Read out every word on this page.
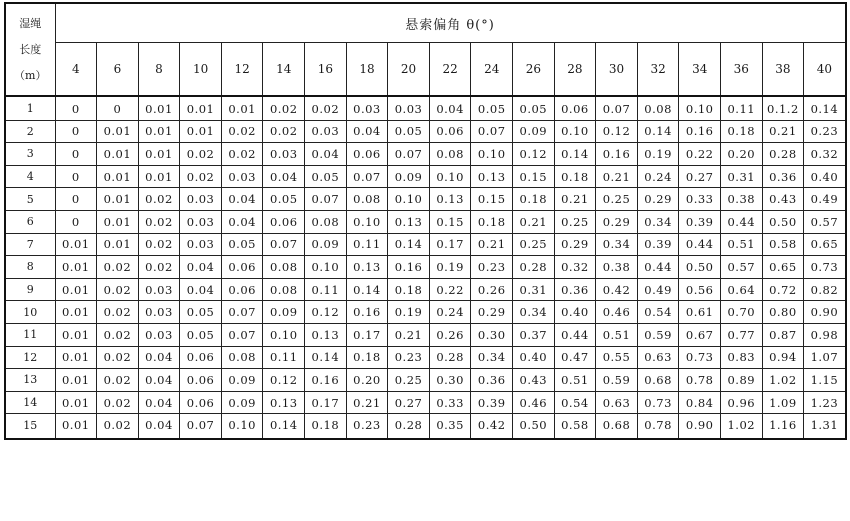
湿绳
长度
（m）	悬索偏角 θ(°)																		
	4	6	8	10	12	14	16	18	20	22	24	26	28	30	32	34	36	38	40
1	0	0	0.01	0.01	0.01	0.02	0.02	0.03	0.03	0.04	0.05	0.05	0.06	0.07	0.08	0.10	0.11	0.1.2	0.14
2	0	0.01	0.01	0.01	0.02	0.02	0.03	0.04	0.05	0.06	0.07	0.09	0.10	0.12	0.14	0.16	0.18	0.21	0.23
3	0	0.01	0.01	0.02	0.02	0.03	0.04	0.06	0.07	0.08	0.10	0.12	0.14	0.16	0.19	0.22	0.20	0.28	0.32
4	0	0.01	0.01	0.02	0.03	0.04	0.05	0.07	0.09	0.10	0.13	0.15	0.18	0.21	0.24	0.27	0.31	0.36	0.40
5	0	0.01	0.02	0.03	0.04	0.05	0.07	0.08	0.10	0.13	0.15	0.18	0.21	0.25	0.29	0.33	0.38	0.43	0.49
6	0	0.01	0.02	0.03	0.04	0.06	0.08	0.10	0.13	0.15	0.18	0.21	0.25	0.29	0.34	0.39	0.44	0.50	0.57
7	0.01	0.01	0.02	0.03	0.05	0.07	0.09	0.11	0.14	0.17	0.21	0.25	0.29	0.34	0.39	0.44	0.51	0.58	0.65
8	0.01	0.02	0.02	0.04	0.06	0.08	0.10	0.13	0.16	0.19	0.23	0.28	0.32	0.38	0.44	0.50	0.57	0.65	0.73
9	0.01	0.02	0.03	0.04	0.06	0.08	0.11	0.14	0.18	0.22	0.26	0.31	0.36	0.42	0.49	0.56	0.64	0.72	0.82
10	0.01	0.02	0.03	0.05	0.07	0.09	0.12	0.16	0.19	0.24	0.29	0.34	0.40	0.46	0.54	0.61	0.70	0.80	0.90
11	0.01	0.02	0.03	0.05	0.07	0.10	0.13	0.17	0.21	0.26	0.30	0.37	0.44	0.51	0.59	0.67	0.77	0.87	0.98
12	0.01	0.02	0.04	0.06	0.08	0.11	0.14	0.18	0.23	0.28	0.34	0.40	0.47	0.55	0.63	0.73	0.83	0.94	1.07
13	0.01	0.02	0.04	0.06	0.09	0.12	0.16	0.20	0.25	0.30	0.36	0.43	0.51	0.59	0.68	0.78	0.89	1.02	1.15
14	0.01	0.02	0.04	0.06	0.09	0.13	0.17	0.21	0.27	0.33	0.39	0.46	0.54	0.63	0.73	0.84	0.96	1.09	1.23
15	0.01	0.02	0.04	0.07	0.10	0.14	0.18	0.23	0.28	0.35	0.42	0.50	0.58	0.68	0.78	0.90	1.02	1.16	1.31
